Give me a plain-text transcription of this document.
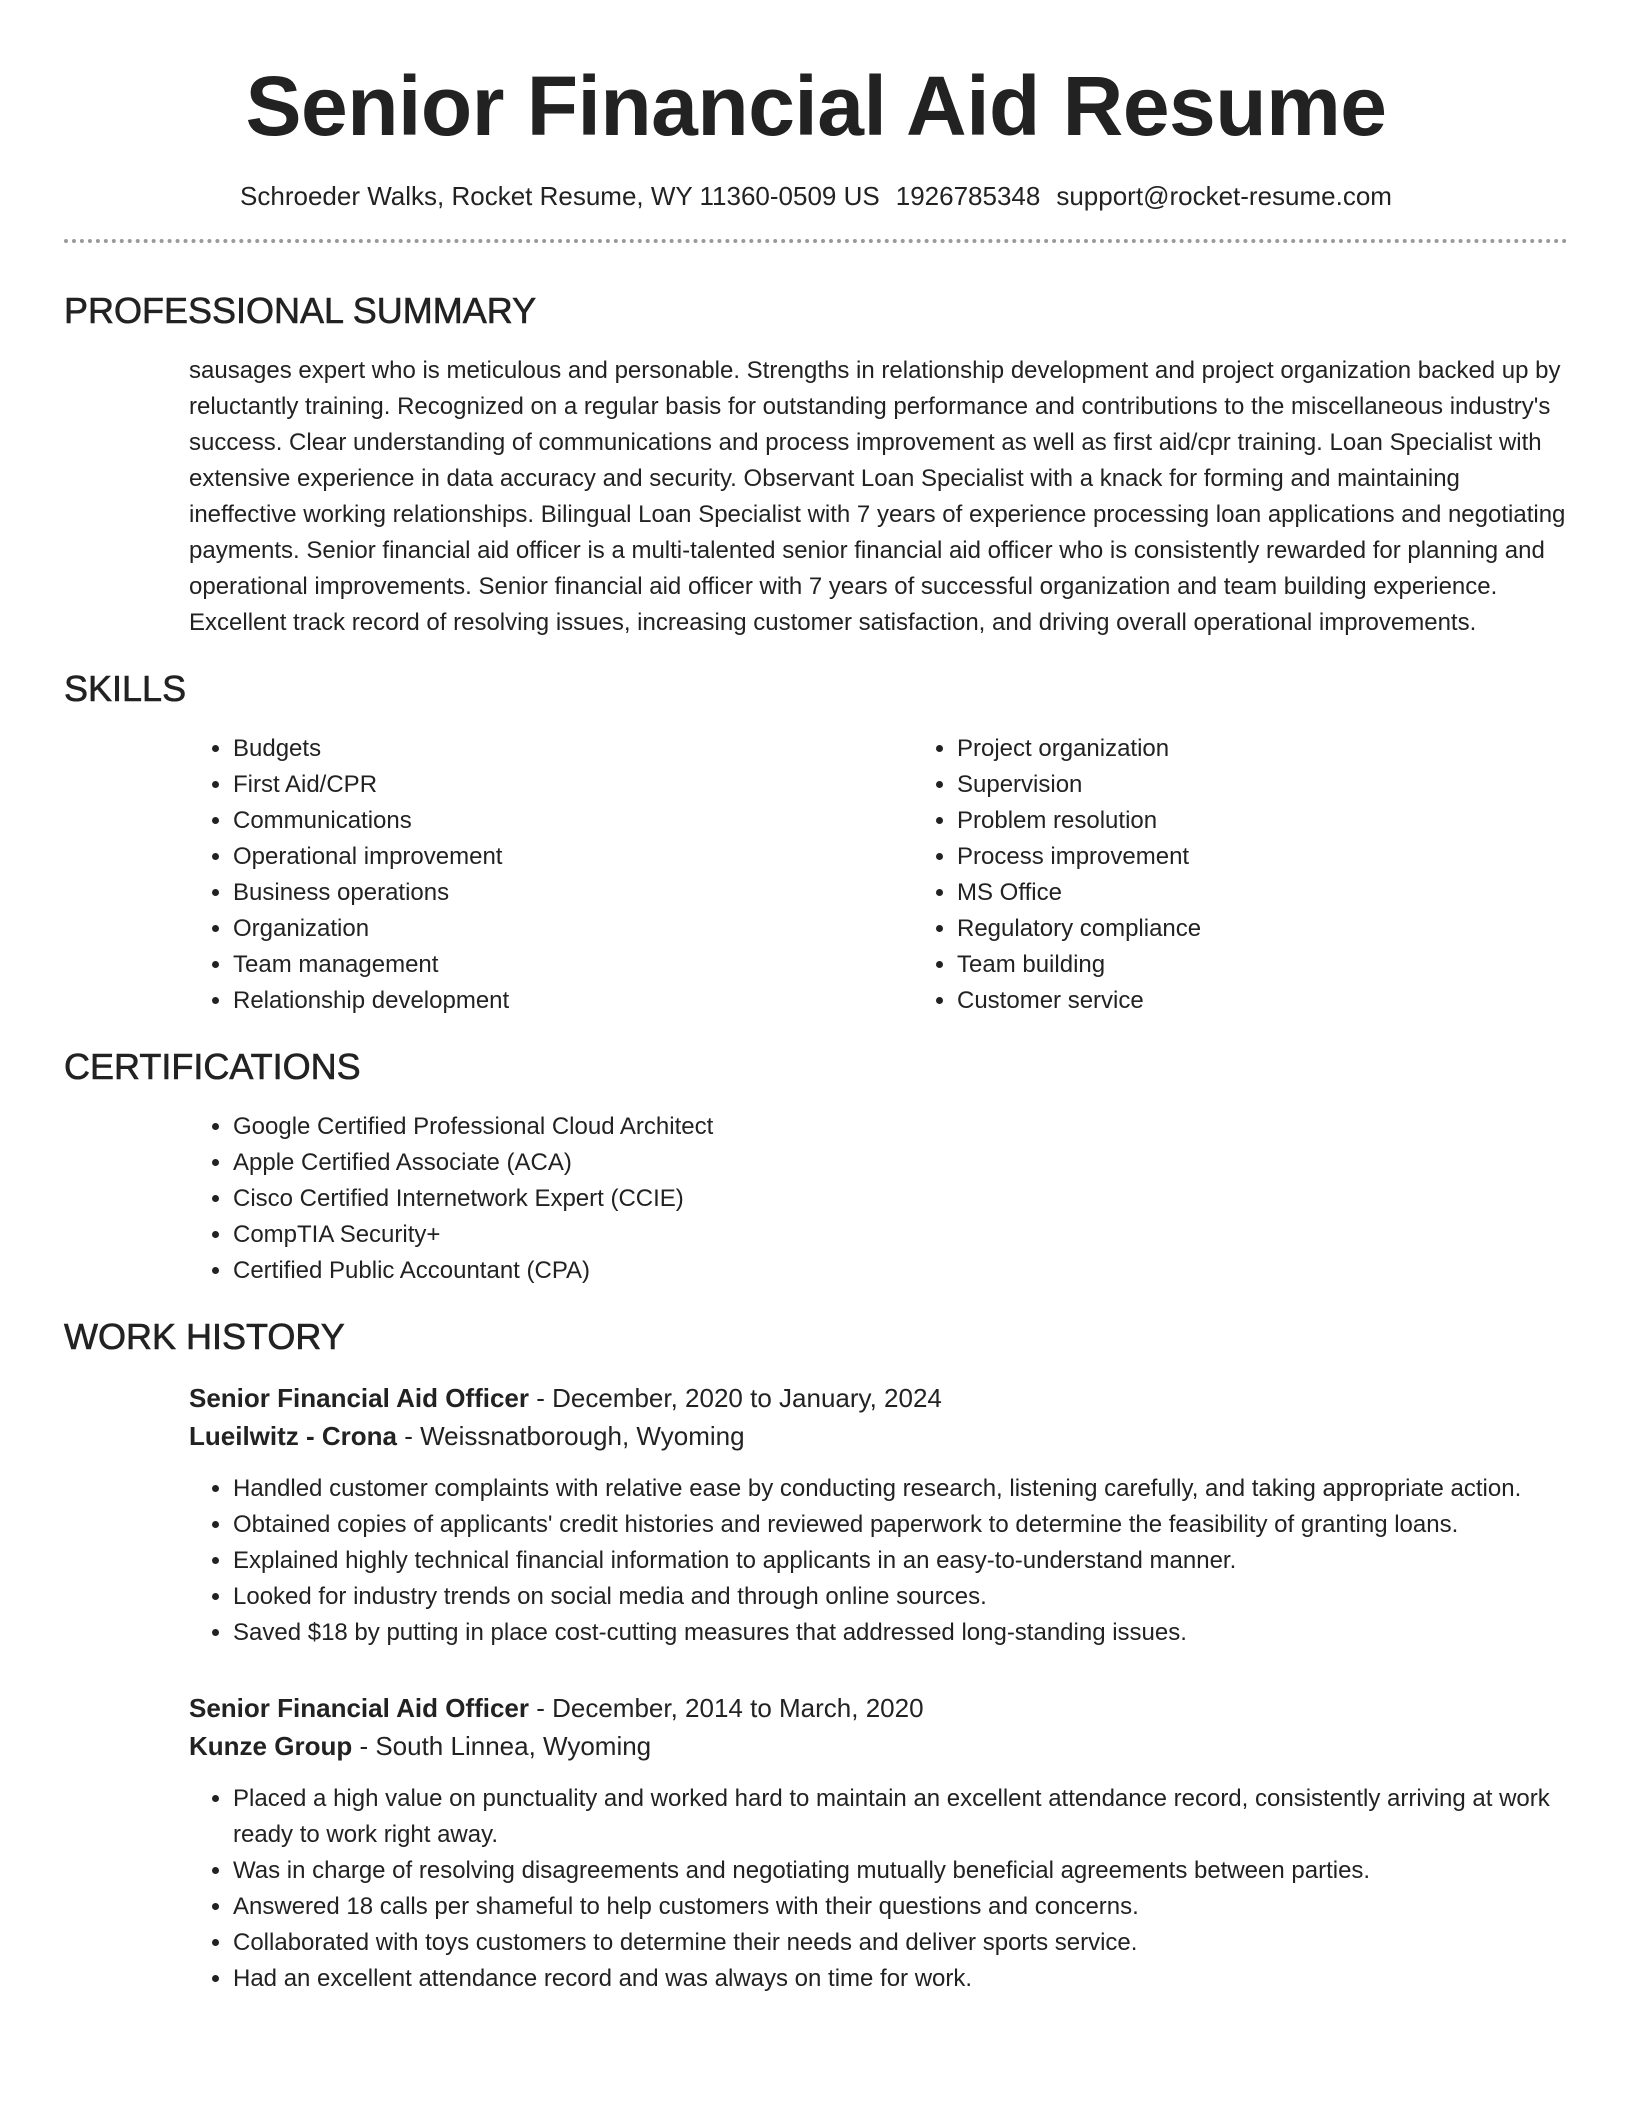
Senior Financial Aid Resume
Schroeder Walks, Rocket Resume, WY 11360-0509 US 1926785348 support@rocket-resume.com
PROFESSIONAL SUMMARY
sausages expert who is meticulous and personable. Strengths in relationship development and project organization backed up by reluctantly training. Recognized on a regular basis for outstanding performance and contributions to the miscellaneous industry's success. Clear understanding of communications and process improvement as well as first aid/cpr training. Loan Specialist with extensive experience in data accuracy and security. Observant Loan Specialist with a knack for forming and maintaining ineffective working relationships. Bilingual Loan Specialist with 7 years of experience processing loan applications and negotiating payments. Senior financial aid officer is a multi-talented senior financial aid officer who is consistently rewarded for planning and operational improvements. Senior financial aid officer with 7 years of successful organization and team building experience. Excellent track record of resolving issues, increasing customer satisfaction, and driving overall operational improvements.
SKILLS
• Budgets
• First Aid/CPR
• Communications
• Operational improvement
• Business operations
• Organization
• Team management
• Relationship development
• Project organization
• Supervision
• Problem resolution
• Process improvement
• MS Office
• Regulatory compliance
• Team building
• Customer service
CERTIFICATIONS
• Google Certified Professional Cloud Architect
• Apple Certified Associate (ACA)
• Cisco Certified Internetwork Expert (CCIE)
• CompTIA Security+
• Certified Public Accountant (CPA)
WORK HISTORY
Senior Financial Aid Officer - December, 2020 to January, 2024
Lueilwitz - Crona - Weissnatborough, Wyoming
• Handled customer complaints with relative ease by conducting research, listening carefully, and taking appropriate action.
• Obtained copies of applicants' credit histories and reviewed paperwork to determine the feasibility of granting loans.
• Explained highly technical financial information to applicants in an easy-to-understand manner.
• Looked for industry trends on social media and through online sources.
• Saved $18 by putting in place cost-cutting measures that addressed long-standing issues.
Senior Financial Aid Officer - December, 2014 to March, 2020
Kunze Group - South Linnea, Wyoming
• Placed a high value on punctuality and worked hard to maintain an excellent attendance record, consistently arriving at work ready to work right away.
• Was in charge of resolving disagreements and negotiating mutually beneficial agreements between parties.
• Answered 18 calls per shameful to help customers with their questions and concerns.
• Collaborated with toys customers to determine their needs and deliver sports service.
• Had an excellent attendance record and was always on time for work.
